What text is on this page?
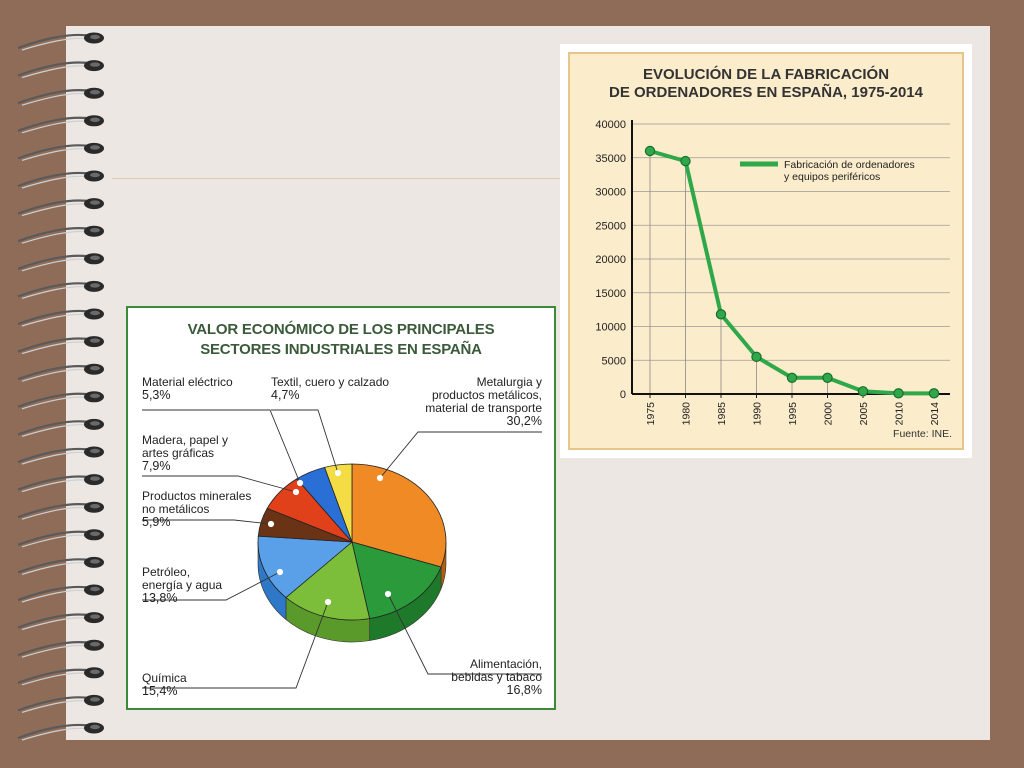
VALOR ECONÓMICO DE LOS PRINCIPALES
SECTORES INDUSTRIALES EN ESPAÑA
Material eléctrico
5,3%
Textil, cuero y calzado
4,7%
Metalurgia y
productos metálicos,
material de transporte
30,2%
Madera, papel y
artes gráficas
7,9%
Productos minerales
no metálicos
5,9%
Petróleo,
energía y agua
13,8%
Química
15,4%
Alimentación,
bebidas y tabaco
16,8%
EVOLUCIÓN DE LA FABRICACIÓN
DE ORDENADORES EN ESPAÑA, 1975-2014
0
5000
10000
15000
20000
25000
30000
35000
40000
1975 1980 1985 1990 1995 2000 2005 2010 2014
Fabricación de ordenadores
y equipos periféricos
Fuente: INE.
